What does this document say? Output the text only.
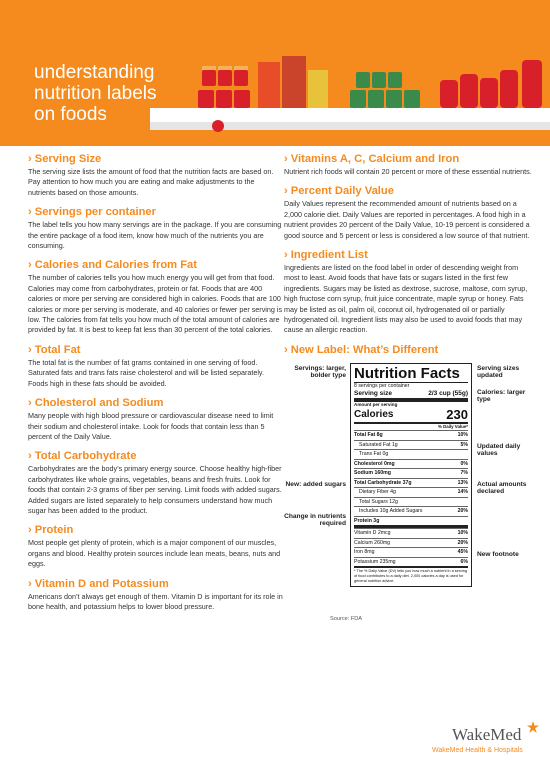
understanding
nutrition labels
on foods
› Serving Size

The serving size lists the amount of food that the nutrition facts are based on. Pay attention to how much you are eating and make adjustments to the nutrients based on those amounts.

› Servings per container

The label tells you how many servings are in the package. If you are consuming the entire package of a food item, know how much of the nutrients you are consuming.

› Calories and Calories from Fat

The number of calories tells you how much energy you will get from that food. Calories may come from carbohydrates, protein or fat. Foods that are 400 calories or more per serving are considered high in calories. Foods that are 100 calories or more per serving is moderate, and 40 calories or fewer per serving is low. The calories from fat tells you how much of the total amount of calories are provided by fat. It is best to keep fat less than 30 percent of the total calories.

› Total Fat

The total fat is the number of fat grams contained in one serving of food. Saturated fats and trans fats raise cholesterol and will be listed separately. Foods high in these fats should be avoided.

› Cholesterol and Sodium

Many people with high blood pressure or cardiovascular disease need to limit their sodium and cholesterol intake. Look for foods that contain less than 5 percent of the Daily Value.

› Total Carbohydrate

Carbohydrates are the body’s primary energy source. Choose healthy high-fiber carbohydrates like whole grains, vegetables, beans and fresh fruits. Look for foods that contain 2-3 grams of fiber per serving. Limit foods with added sugars. Added sugars are listed separately to help consumers understand how much sugar has been added to the product.

› Protein

Most people get plenty of protein, which is a major component of our muscles, organs and blood. Healthy protein sources include lean meats, beans, nuts and eggs.

› Vitamin D and Potassium

Americans don’t always get enough of them. Vitamin D is important for its role in bone health, and potassium helps to lower blood pressure.

› Vitamins A, C, Calcium and Iron

Nutrient rich foods will contain 20 percent or more of these essential nutrients.

› Percent Daily Value

Daily Values represent the recommended amount of nutrients based on a 2,000 calorie diet. Daily Values are reported in percentages. A food high in a nutrient provides 20 percent of the Daily Value, 10-19 percent is considered a good source and 5 percent or less is considered a low source of that nutrient.

› Ingredient List

Ingredients are listed on the food label in order of descending weight from most to least. Avoid foods that have fats or sugars listed in the first few ingredients. Sugars may be listed as dextrose, sucrose, maltose, corn syrup, high fructose corn syrup, fruit juice concentrate, maple syrup or honey. Fats may be listed as oil, palm oil, coconut oil, hydrogenated oil or partially hydrogenated oil. Ingredient lists may also be used to avoid foods that may cause an allergic reaction.

› New Label: What’s Different
Nutrition Facts
8 servings per container
Serving size	2/3 cup (55g)
Amount per serving
Calories	230
% Daily Value*
Total Fat 8g	10%
Saturated Fat 1g	5%
Trans Fat 0g
Cholesterol 0mg	0%
Sodium 160mg	7%
Total Carbohydrate 37g	13%
Dietary Fiber 4g	14%
Total Sugars 12g
Includes 10g Added Sugars	20%
Protein 3g
Vitamin D 2mcg	10%
Calcium 260mg	20%
Iron 8mg	45%
Potassium 235mg	6%
* The % Daily Value (DV) tells you how much a nutrient in a serving of food contributes to a daily diet. 2,000 calories a day is used for general nutrition advice.
Servings: larger, bolder type
New: added sugars
Change in nutrients required
Serving sizes updated
Calories: larger type
Updated daily values
Actual amounts declared
New footnote
Source: FDA
WakeMed
WakeMed Health & Hospitals
